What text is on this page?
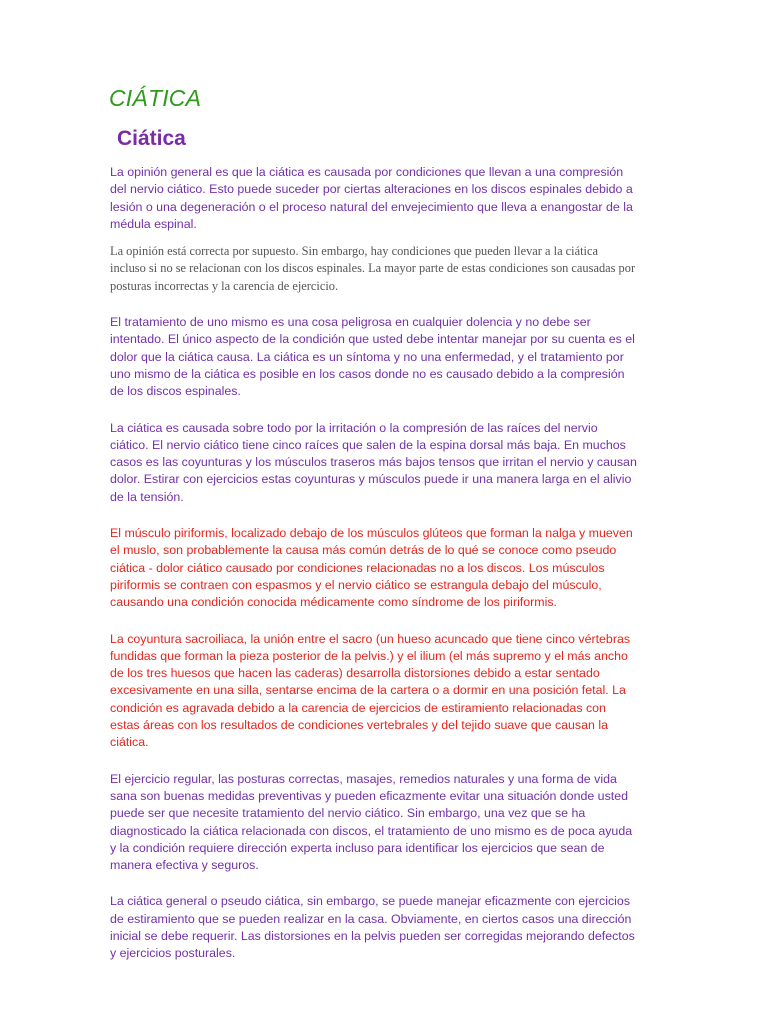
CIÁTICA
Ciática

La opinión general es que la ciática es causada por condiciones que llevan a una compresión
del nervio ciático. Esto puede suceder por ciertas alteraciones en los discos espinales debido a
lesión o una degeneración o el proceso natural del envejecimiento que lleva a enangostar de la
médula espinal.

La opinión está correcta por supuesto. Sin embargo, hay condiciones que pueden llevar a la ciática
incluso si no se relacionan con los discos espinales. La mayor parte de estas condiciones son causadas por
posturas incorrectas y la carencia de ejercicio.

El tratamiento de uno mismo es una cosa peligrosa en cualquier dolencia y no debe ser
intentado. El único aspecto de la condición que usted debe intentar manejar por su cuenta es el
dolor que la ciática causa. La ciática es un síntoma y no una enfermedad, y el tratamiento por
uno mismo de la ciática es posible en los casos donde no es causado debido a la compresión
de los discos espinales.

La ciática es causada sobre todo por la irritación o la compresión de las raíces del nervio
ciático. El nervio ciático tiene cinco raíces que salen de la espina dorsal más baja. En muchos
casos es las coyunturas y los músculos traseros más bajos tensos que irritan el nervio y causan
dolor. Estirar con ejercicios estas coyunturas y músculos puede ir una manera larga en el alivio
de la tensión.

El músculo piriformis, localizado debajo de los músculos glúteos que forman la nalga y mueven
el muslo, son probablemente la causa más común detrás de lo qué se conoce como pseudo
ciática - dolor ciático causado por condiciones relacionadas no a los discos. Los músculos
piriformis se contraen con espasmos y el nervio ciático se estrangula debajo del músculo,
causando una condición conocida médicamente como síndrome de los piriformis.

La coyuntura sacroiliaca, la unión entre el sacro (un hueso acuncado que tiene cinco vértebras
fundidas que forman la pieza posterior de la pelvis.) y el ilium (el más supremo y el más ancho
de los tres huesos que hacen las caderas) desarrolla distorsiones debido a estar sentado
excesivamente en una silla, sentarse encima de la cartera o a dormir en una posición fetal. La
condición es agravada debido a la carencia de ejercicios de estiramiento relacionadas con
estas áreas con los resultados de condiciones vertebrales y del tejido suave que causan la
ciática.

El ejercicio regular, las posturas correctas, masajes, remedios naturales y una forma de vida
sana son buenas medidas preventivas y pueden eficazmente evitar una situación donde usted
puede ser que necesite tratamiento del nervio ciático. Sin embargo, una vez que se ha
diagnosticado la ciática relacionada con discos, el tratamiento de uno mismo es de poca ayuda
y la condición requiere dirección experta incluso para identificar los ejercicios que sean de
manera efectiva y seguros.

La ciática general o pseudo ciática, sin embargo, se puede manejar eficazmente con ejercicios
de estiramiento que se pueden realizar en la casa. Obviamente, en ciertos casos una dirección
inicial se debe requerir. Las distorsiones en la pelvis pueden ser corregidas mejorando defectos
y ejercicios posturales.
